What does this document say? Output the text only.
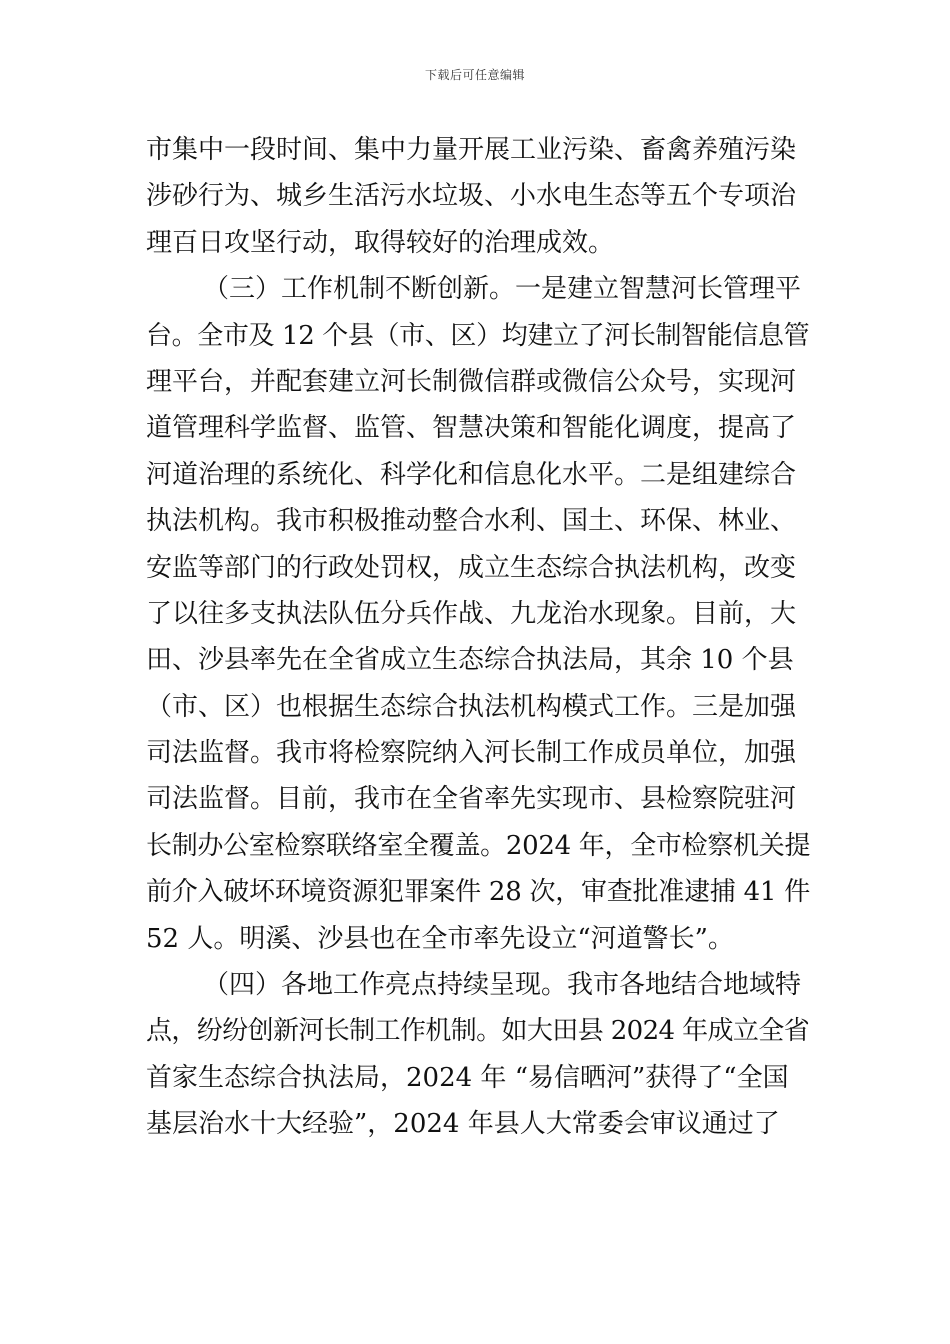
下载后可任意编辑
市集中一段时间、集中力量开展工业污染、畜禽养殖污染
涉砂行为、城乡生活污水垃圾、小水电生态等五个专项治
理百日攻坚行动，取得较好的治理成效。
（三）工作机制不断创新。一是建立智慧河长管理平
台。全市及 12 个县（市、区）均建立了河长制智能信息管
理平台，并配套建立河长制微信群或微信公众号，实现河
道管理科学监督、监管、智慧决策和智能化调度，提高了
河道治理的系统化、科学化和信息化水平。二是组建综合
执法机构。我市积极推动整合水利、国土、环保、林业、
安监等部门的行政处罚权，成立生态综合执法机构，改变
了以往多支执法队伍分兵作战、九龙治水现象。目前，大
田、沙县率先在全省成立生态综合执法局，其余 10 个县
（市、区）也根据生态综合执法机构模式工作。三是加强
司法监督。我市将检察院纳入河长制工作成员单位，加强
司法监督。目前，我市在全省率先实现市、县检察院驻河
长制办公室检察联络室全覆盖。2024 年，全市检察机关提
前介入破坏环境资源犯罪案件 28 次，审查批准逮捕 41 件
52 人。明溪、沙县也在全市率先设立“河道警长”。
（四）各地工作亮点持续呈现。我市各地结合地域特
点，纷纷创新河长制工作机制。如大田县 2024 年成立全省
首家生态综合执法局，2024 年 “易信晒河”获得了“全国
基层治水十大经验”，2024 年县人大常委会审议通过了
